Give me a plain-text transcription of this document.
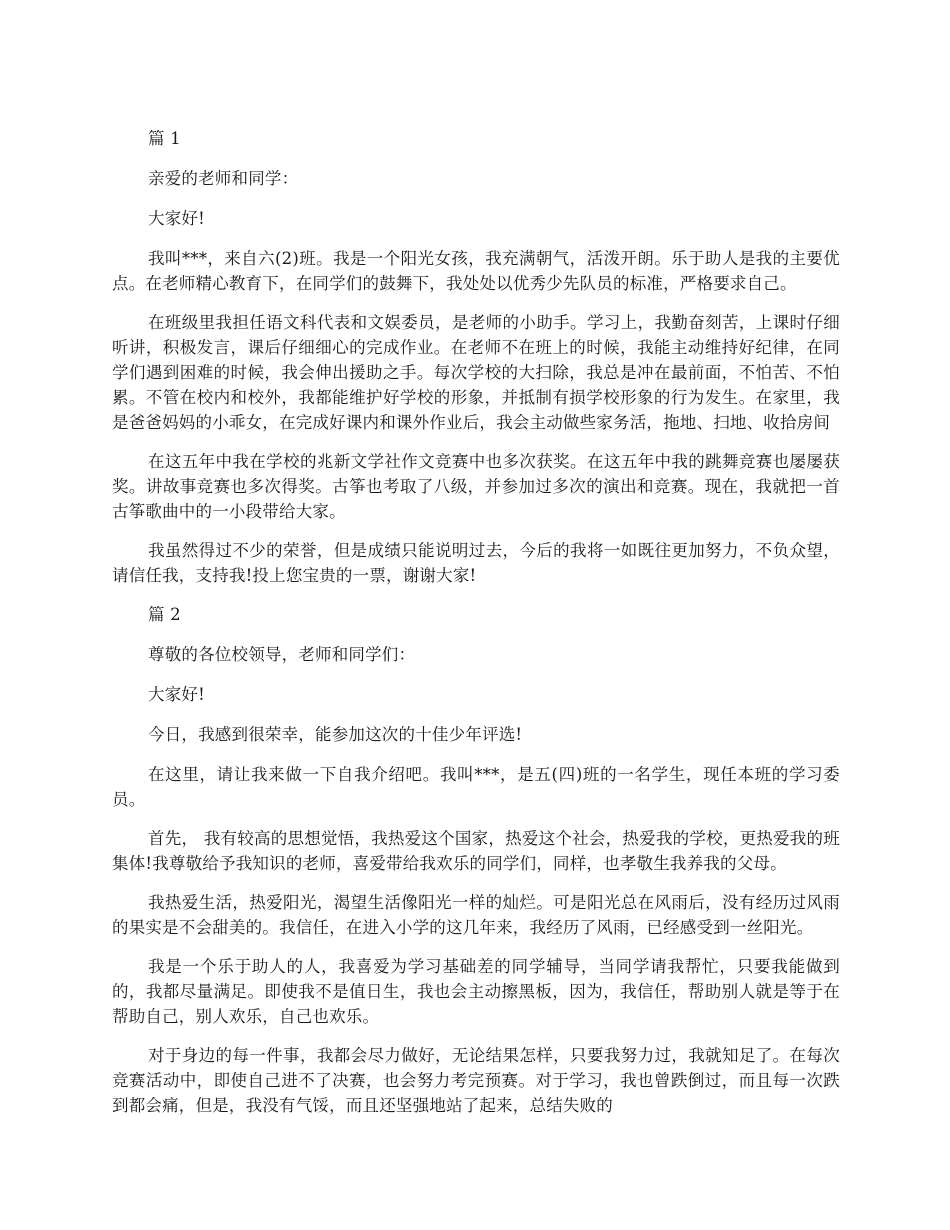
篇 1
亲爱的老师和同学：
大家好!
我叫***，来自六(2)班。我是一个阳光女孩，我充满朝气，活泼开朗。乐于助人是我的主要优点。在老师精心教育下，在同学们的鼓舞下，我处处以优秀少先队员的标准，严格要求自己。
在班级里我担任语文科代表和文娱委员，是老师的小助手。学习上，我勤奋刻苦，上课时仔细听讲，积极发言，课后仔细细心的完成作业。在老师不在班上的时候，我能主动维持好纪律，在同学们遇到困难的时候，我会伸出援助之手。每次学校的大扫除，我总是冲在最前面，不怕苦、不怕累。不管在校内和校外，我都能维护好学校的形象，并抵制有损学校形象的行为发生。在家里，我是爸爸妈妈的小乖女，在完成好课内和课外作业后，我会主动做些家务活，拖地、扫地、收拾房间
在这五年中我在学校的兆新文学社作文竞赛中也多次获奖。在这五年中我的跳舞竞赛也屡屡获奖。讲故事竞赛也多次得奖。古筝也考取了八级，并参加过多次的演出和竞赛。现在，我就把一首古筝歌曲中的一小段带给大家。
我虽然得过不少的荣誉，但是成绩只能说明过去，今后的我将一如既往更加努力，不负众望，请信任我，支持我!投上您宝贵的一票，谢谢大家!
篇 2
尊敬的各位校领导，老师和同学们：
大家好!
今日，我感到很荣幸，能参加这次的十佳少年评选!
在这里，请让我来做一下自我介绍吧。我叫***，是五(四)班的一名学生，现任本班的学习委员。
首先， 我有较高的思想觉悟，我热爱这个国家，热爱这个社会，热爱我的学校，更热爱我的班集体!我尊敬给予我知识的老师，喜爱带给我欢乐的同学们，同样，也孝敬生我养我的父母。
我热爱生活，热爱阳光，渴望生活像阳光一样的灿烂。可是阳光总在风雨后，没有经历过风雨的果实是不会甜美的。我信任，在进入小学的这几年来，我经历了风雨，已经感受到一丝阳光。
我是一个乐于助人的人，我喜爱为学习基础差的同学辅导，当同学请我帮忙，只要我能做到的，我都尽量满足。即使我不是值日生，我也会主动擦黑板，因为，我信任，帮助别人就是等于在帮助自己，别人欢乐，自己也欢乐。
对于身边的每一件事，我都会尽力做好，无论结果怎样，只要我努力过，我就知足了。在每次竞赛活动中，即使自己进不了决赛，也会努力考完预赛。对于学习，我也曾跌倒过，而且每一次跌到都会痛，但是，我没有气馁，而且还坚强地站了起来，总结失败的
